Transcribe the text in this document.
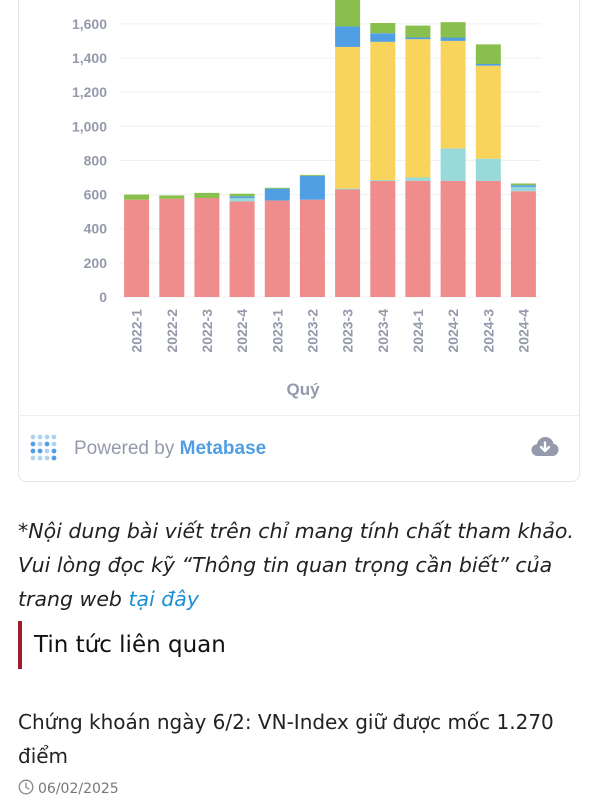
0
200
400
600
800
1,000
1,200
1,400
1,600
2022-1 2022-2 2022-3 2022-4 2023-1 2023-2 2023-3 2023-4 2024-1 2024-2 2024-3 2024-4
Quý
Powered by Metabase
*Nội dung bài viết trên chỉ mang tính chất tham khảo. Vui lòng đọc kỹ “Thông tin quan trọng cần biết” của trang web tại đây
Tin tức liên quan
Chứng khoán ngày 6/2: VN-Index giữ được mốc 1.270 điểm
06/02/2025
